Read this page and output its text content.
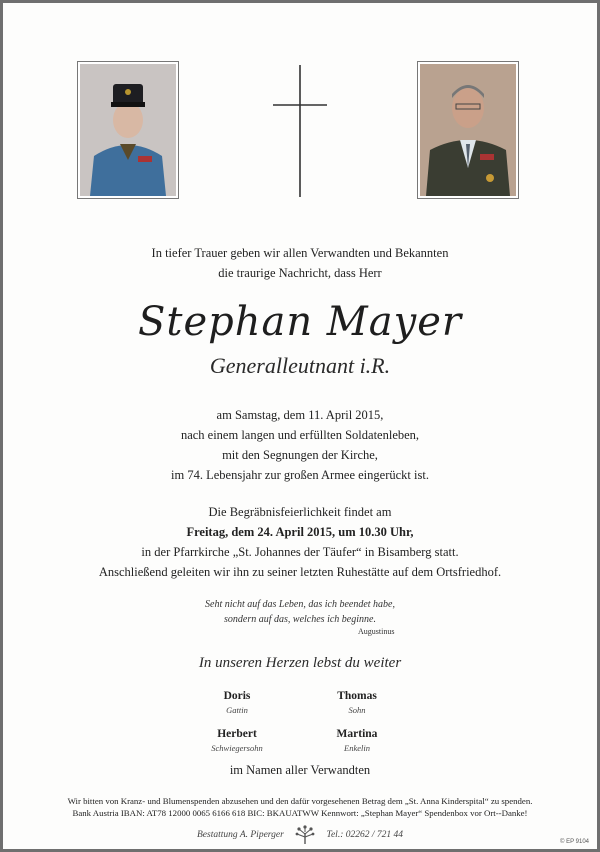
In tiefer Trauer geben wir allen Verwandten und Bekannten
die traurige Nachricht, dass Herr
Stephan Mayer
Generalleutnant i.R.
am Samstag, dem 11. April 2015,
nach einem langen und erfüllten Soldatenleben,
mit den Segnungen der Kirche,
im 74. Lebensjahr zur großen Armee eingerückt ist.
Die Begräbnisfeierlichkeit findet am
Freitag, dem 24. April 2015, um 10.30 Uhr,
in der Pfarrkirche „St. Johannes der Täufer“ in Bisamberg statt.
Anschließend geleiten wir ihn zu seiner letzten Ruhestätte auf dem Ortsfriedhof.
Seht nicht auf das Leben, das ich beendet habe,
sondern auf das, welches ich beginne.
Augustinus
In unseren Herzen lebst du weiter
Doris
Gattin
Thomas
Sohn
Herbert
Schwiegersohn
Martina
Enkelin
im Namen aller Verwandten
Wir bitten von Kranz- und Blumenspenden abzusehen und den dafür vorgesehenen Betrag dem „St. Anna Kinderspital“ zu spenden.
Bank Austria IBAN: AT78 12000 0065 6166 618 BIC: BKAUATWW Kennwort: „Stephan Mayer“ Spendenbox vor Ort--Danke!
Bestattung A. Piperger	Tel.: 02262 / 721 44
© EP 9104
